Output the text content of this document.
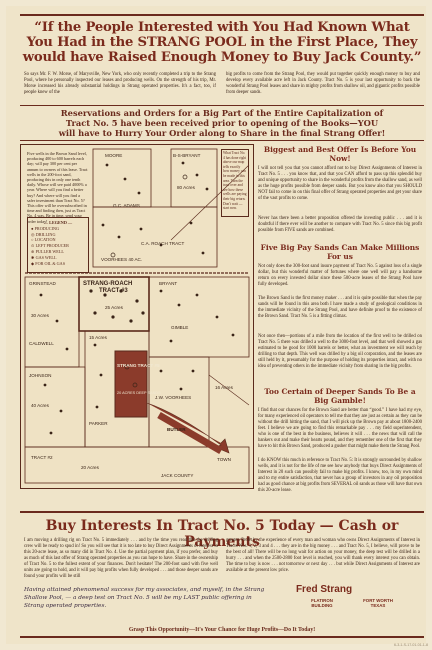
“If the People Interested with You Had Known What
You Had in the STRANG POOL in the First Place, They
would have Raised Enough Money to Buy Jack County.”
So says Mr. F. W. Morse, of Marysville, New York, who only recently completed a trip to the Strang Pool, where he personally inspected our leases and producing wells. On the strength of his trip, Mr. Morse increased his already substantial holdings in Strang operated properties. It's a fact, too, if people knew of the
big profits to come from the Strang Pool, they would put together quickly enough money to buy and develop every available acre left in Jack County. Tract No. 5 is your last opportunity to back the wonderful Strang Pool leases and share in mighty profits from shallow oil, and gigantic profits possible from deeper sands.
Reservations and Orders for a Big Part of the Entire Capitalization of
Tract No. 5 have been received prior to opening of the Books—YOU
will have to Hurry Your Order along to Share in the final Strang Offer!
Five wells in the Brown Sand level, producing 400 to 600 barrels each day; will pay 300 per cent per annum to owners of this lease. Tract wells in the 200-foot sand, producing this in only one tenth daily. Whose will see paid 4000% a year. Where will you find a better buy? And where will you find a safer investment than Tract No. 5? This offer will be oversubscribed in time and finding then, just as Tract No. 4 was. Be in time, send your order today!
— LEGEND —
● PRODUCING
◎ DRILLING
○ LOCATION
⊙ LEFT PRODUCER
⊕ PULLER WELL
✱ GAS WELL
◆ FOR OIL & GAS
What Tract No. 4 has done right above our map tells exactly how money can be made in this area. Turn the tract over and see how these wells are paying their big return. Don't wait — start now.
MOORE	B-S-BRYANT
80 Acres
G.C. ADAMS
C.A. ROACH TRACT
VOORHEES 40 AC.
STRANG-ROACH
TRACT #3
25 Acres
BRYANT
GIMBLE
GRINSTEAD
30 Acres
CALDWELL
JOHNSON
40 Acres
15 Acres
PARKER
STRANG TRACT #5
20 ACRES DEEP SANDS
J.W. VOORHEES
BUTLER
16 Acres
TRACT #2
20 Acres
JACK COUNTY
TOWN
Biggest and Best Offer Is Before You Now!
I will not tell you that you cannot afford not to buy Direct Assignments of Interest in Tract No. 5 . . . you know that, and that you CAN afford to pass up this splendid buy and unique opportunity to share in the wonderful profits from the shallow sand, as well as the huge profits possible from deeper sands. But you know also that you SHOULD NOT fail to come in on this final offer of Strang operated properties and get your share of the vast profits to come.
Never has there been a better proposition offered the investing public . . . and it is doubtful if there ever will be another to compare with Tract No. 5 since this big profit possible from FIVE sands are combined.
Five Big Pay Sands Can Make Millions For us
Not only does the 300-foot sand insure payment of Tract No. 5 against loss of a single dollar, but this wonderful matter of fortunes where one well will pay a handsome return on every invested dollar since these 500-acre leases of the Strang Pool have fully developed.
The Brown Sand is the first money maker . . . and it is quite possible that when the pay sands will be found in this area both I have made a study of geological conditions in the immediate vicinity of the Strang Pool, and have definite proof to the existence of the Brown Sand. Tract No. 5 is a fitting climax.
Not once then—portions of a mile from the location of the first well to be drilled on Tract No. 5 there was drilled a well to the 3000-foot level, and that well showed a gas estimated to be good for 1000 barrels or better, what an investment we will reach by drilling to that depth. This well was drilled by a big oil corporation, and the leases are still held by it, presumably for the purpose of holding its properties intact, and with no idea of preventing others in the immediate vicinity from sharing in the big profits.
Too Certain of Deeper Sands To Be a Big Gamble!
I find that our chances for the Brown Sand are better than “good.” I have had my eye, for many experienced oil operators to tell me that they are just as certain as they can be without the drill hitting the sand, that I will pick up the Brown pay at about 1800-2400 feet. I believe we are going to find this remarkable pay . . . my field superintendent, who is one of the best in the business, believes it will . . . the news that will call the bankers out and make their hearts pound, and they remember one of the first that they have to hit this Brown Sand, produced a gusher that might make them the Strang Pool.
I do KNOW this much in reference to Tract No. 5: It is strongly surrounded by shallow wells, and it is not for the life of me see how anybody that buys Direct Assignments of Interest in 20 such can possibly fail to make big profits. I know, too, in my own mind and to my entire satisfaction, that never has a group of investors in any oil proposition had as good chance at big profits from SEVERAL oil sands as those will have that own this 20-acre lease.
Buy Interests In Tract No. 5 Today — Cash or Payments
I am moving a drilling rig on Tract No. 5 immediately . . . and by the time you read this the drilling crew will be ready to spud in! So you will see that it is too late to buy Direct Assignments of Interest in this 20-acre lease, as so many did in Tract No. 4. Use the partial payment plan, if you prefer, and buy as much of this last offer of Strang operated properties as you can hope to have. Share in the ownership of Tract No. 5 to the fullest extent of your finances. Don't hesitate! The 200-foot sand with five well units are going to hold, and it will pay big profits when fully developed . . . and those deeper sands are found your profits will be still
greater. Profit by the experience of every man and woman who owns Direct Assignments of Interest in Tracts Nos. 1, 2, 3 and 4 . . . they are in the big money . . . and Tract No. 5, I believe, will prove to be the best of all! There will be no long wait for action on your money, the deep test will be drilled in a hurry . . . and when the 2500-2800 foot level is reached, you will thank every interest you can obtain. The time to buy is now . . . not tomorrow or next day . . . but while Direct Assignments of Interest are available at the present low price.
Having attained phenomenal success for my associates, and myself, in the Strang Shallow Pool, — a deep test on Tract No. 5 will be my LAST public offering in Strang operated properties.
Fred Strang
FLATIRON
BUILDING
FORT WORTH
TEXAS
Grasp This Opportunity—It's Your Chance for Huge Profits—Do It Today!
6-3-1-S-17-01-01-1-8
